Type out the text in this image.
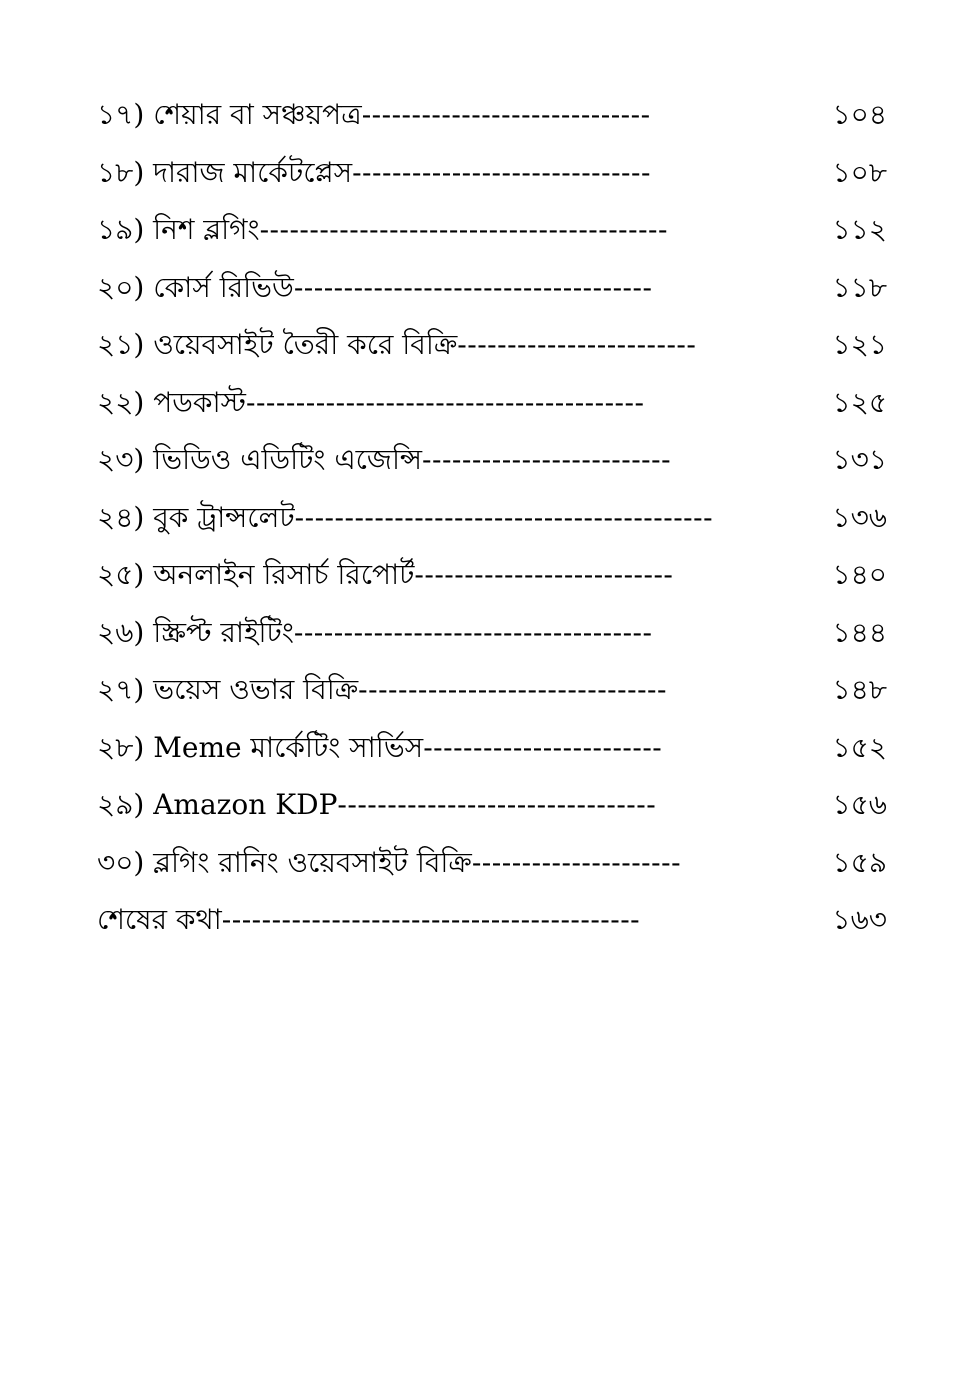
১৭) শেয়ার বা সঞ্চয়পত্র -----------------------------	১০৪
১৮) দারাজ মার্কেটপ্লেস ------------------------------	১০৮
১৯) নিশ ব্লগিং -----------------------------------------	১১২
২০) কোর্স রিভিউ ------------------------------------	১১৮
২১) ওয়েবসাইট তৈরী করে বিক্রি ------------------------	১২১
২২) পডকাস্ট ----------------------------------------	১২৫
২৩) ভিডিও এডিটিং এজেন্সি -------------------------	১৩১
২৪) বুক ট্রান্সলেট ------------------------------------------	১৩৬
২৫) অনলাইন রিসার্চ রিপোর্ট --------------------------	১৪০
২৬) স্ক্রিপ্ট রাইটিং ------------------------------------	১৪৪
২৭) ভয়েস ওভার বিক্রি -------------------------------	১৪৮
২৮) Meme মার্কেটিং সার্ভিস ------------------------	১৫২
২৯) Amazon KDP --------------------------------	১৫৬
৩০) ব্লগিং রানিং ওয়েবসাইট বিক্রি ---------------------	১৫৯
শেষের কথা ------------------------------------------	১৬৩
